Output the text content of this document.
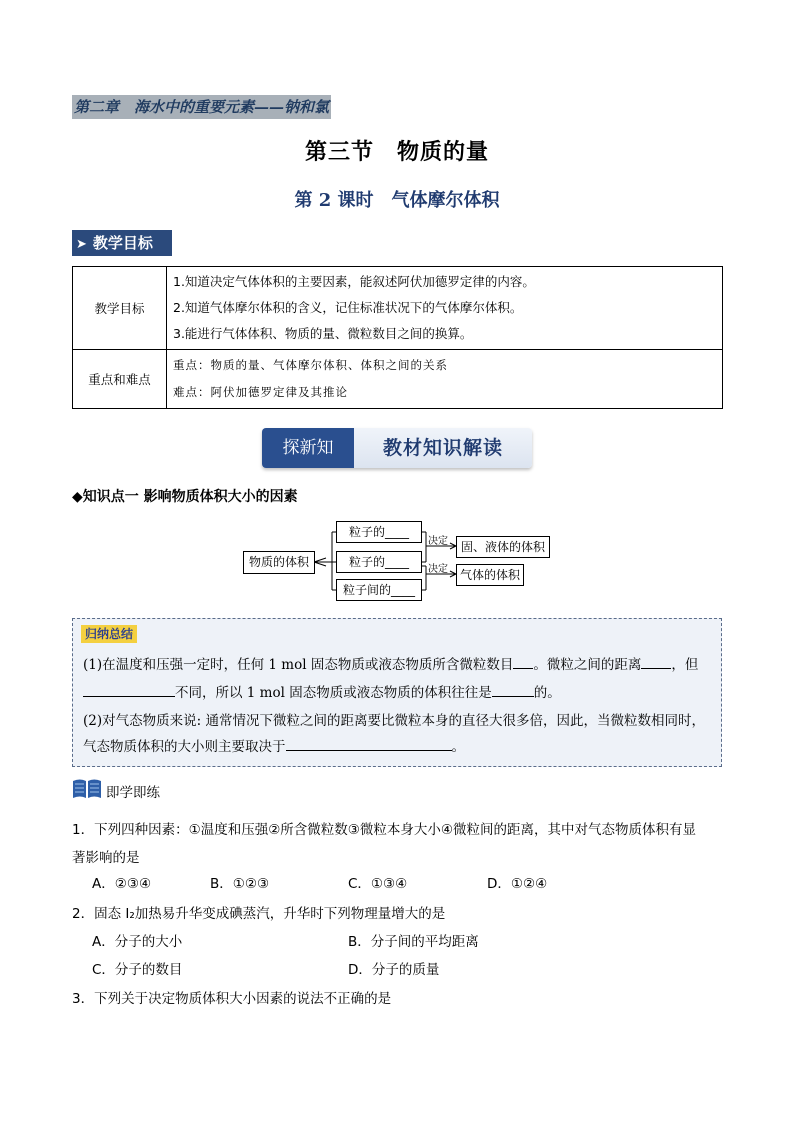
第二章　海水中的重要元素——钠和氯
第三节　物质的量
第 2 课时　气体摩尔体积
➤ 教学目标
教学目标	1.知道决定气体体积的主要因素，能叙述阿伏加德罗定律的内容。
2.知道气体摩尔体积的含义，记住标准状况下的气体摩尔体积。
3.能进行气体体积、物质的量、微粒数目之间的换算。

重点和难点	重点：物质的量、气体摩尔体积、体积之间的关系
难点：阿伏加德罗定律及其推论
探新知	教材知识解读
◆知识点一 影响物质体积大小的因素
物质的体积
粒子的____
粒子的____
粒子间的____
决定
决定
固、液体的体积
气体的体积
归纳总结
(1)在温度和压强一定时，任何 1 mol 固态物质或液态物质所含微粒数目 。微粒之间的距离 ，但
不同，所以 1 mol 固态物质或液态物质的体积往往是	的。
(2)对气态物质来说: 通常情况下微粒之间的距离要比微粒本身的直径大很多倍，因此，当微粒数相同时，
气态物质体积的大小则主要取决于	。
即学即练
1．下列四种因素：①温度和压强②所含微粒数③微粒本身大小④微粒间的距离，其中对气态物质体积有显
著影响的是
A．②③④	B．①②③	C．①③④	D．①②④
2．固态 I₂加热易升华变成碘蒸汽，升华时下列物理量增大的是
A．分子的大小	B．分子间的平均距离
C．分子的数目	D．分子的质量
3．下列关于决定物质体积大小因素的说法不正确的是
